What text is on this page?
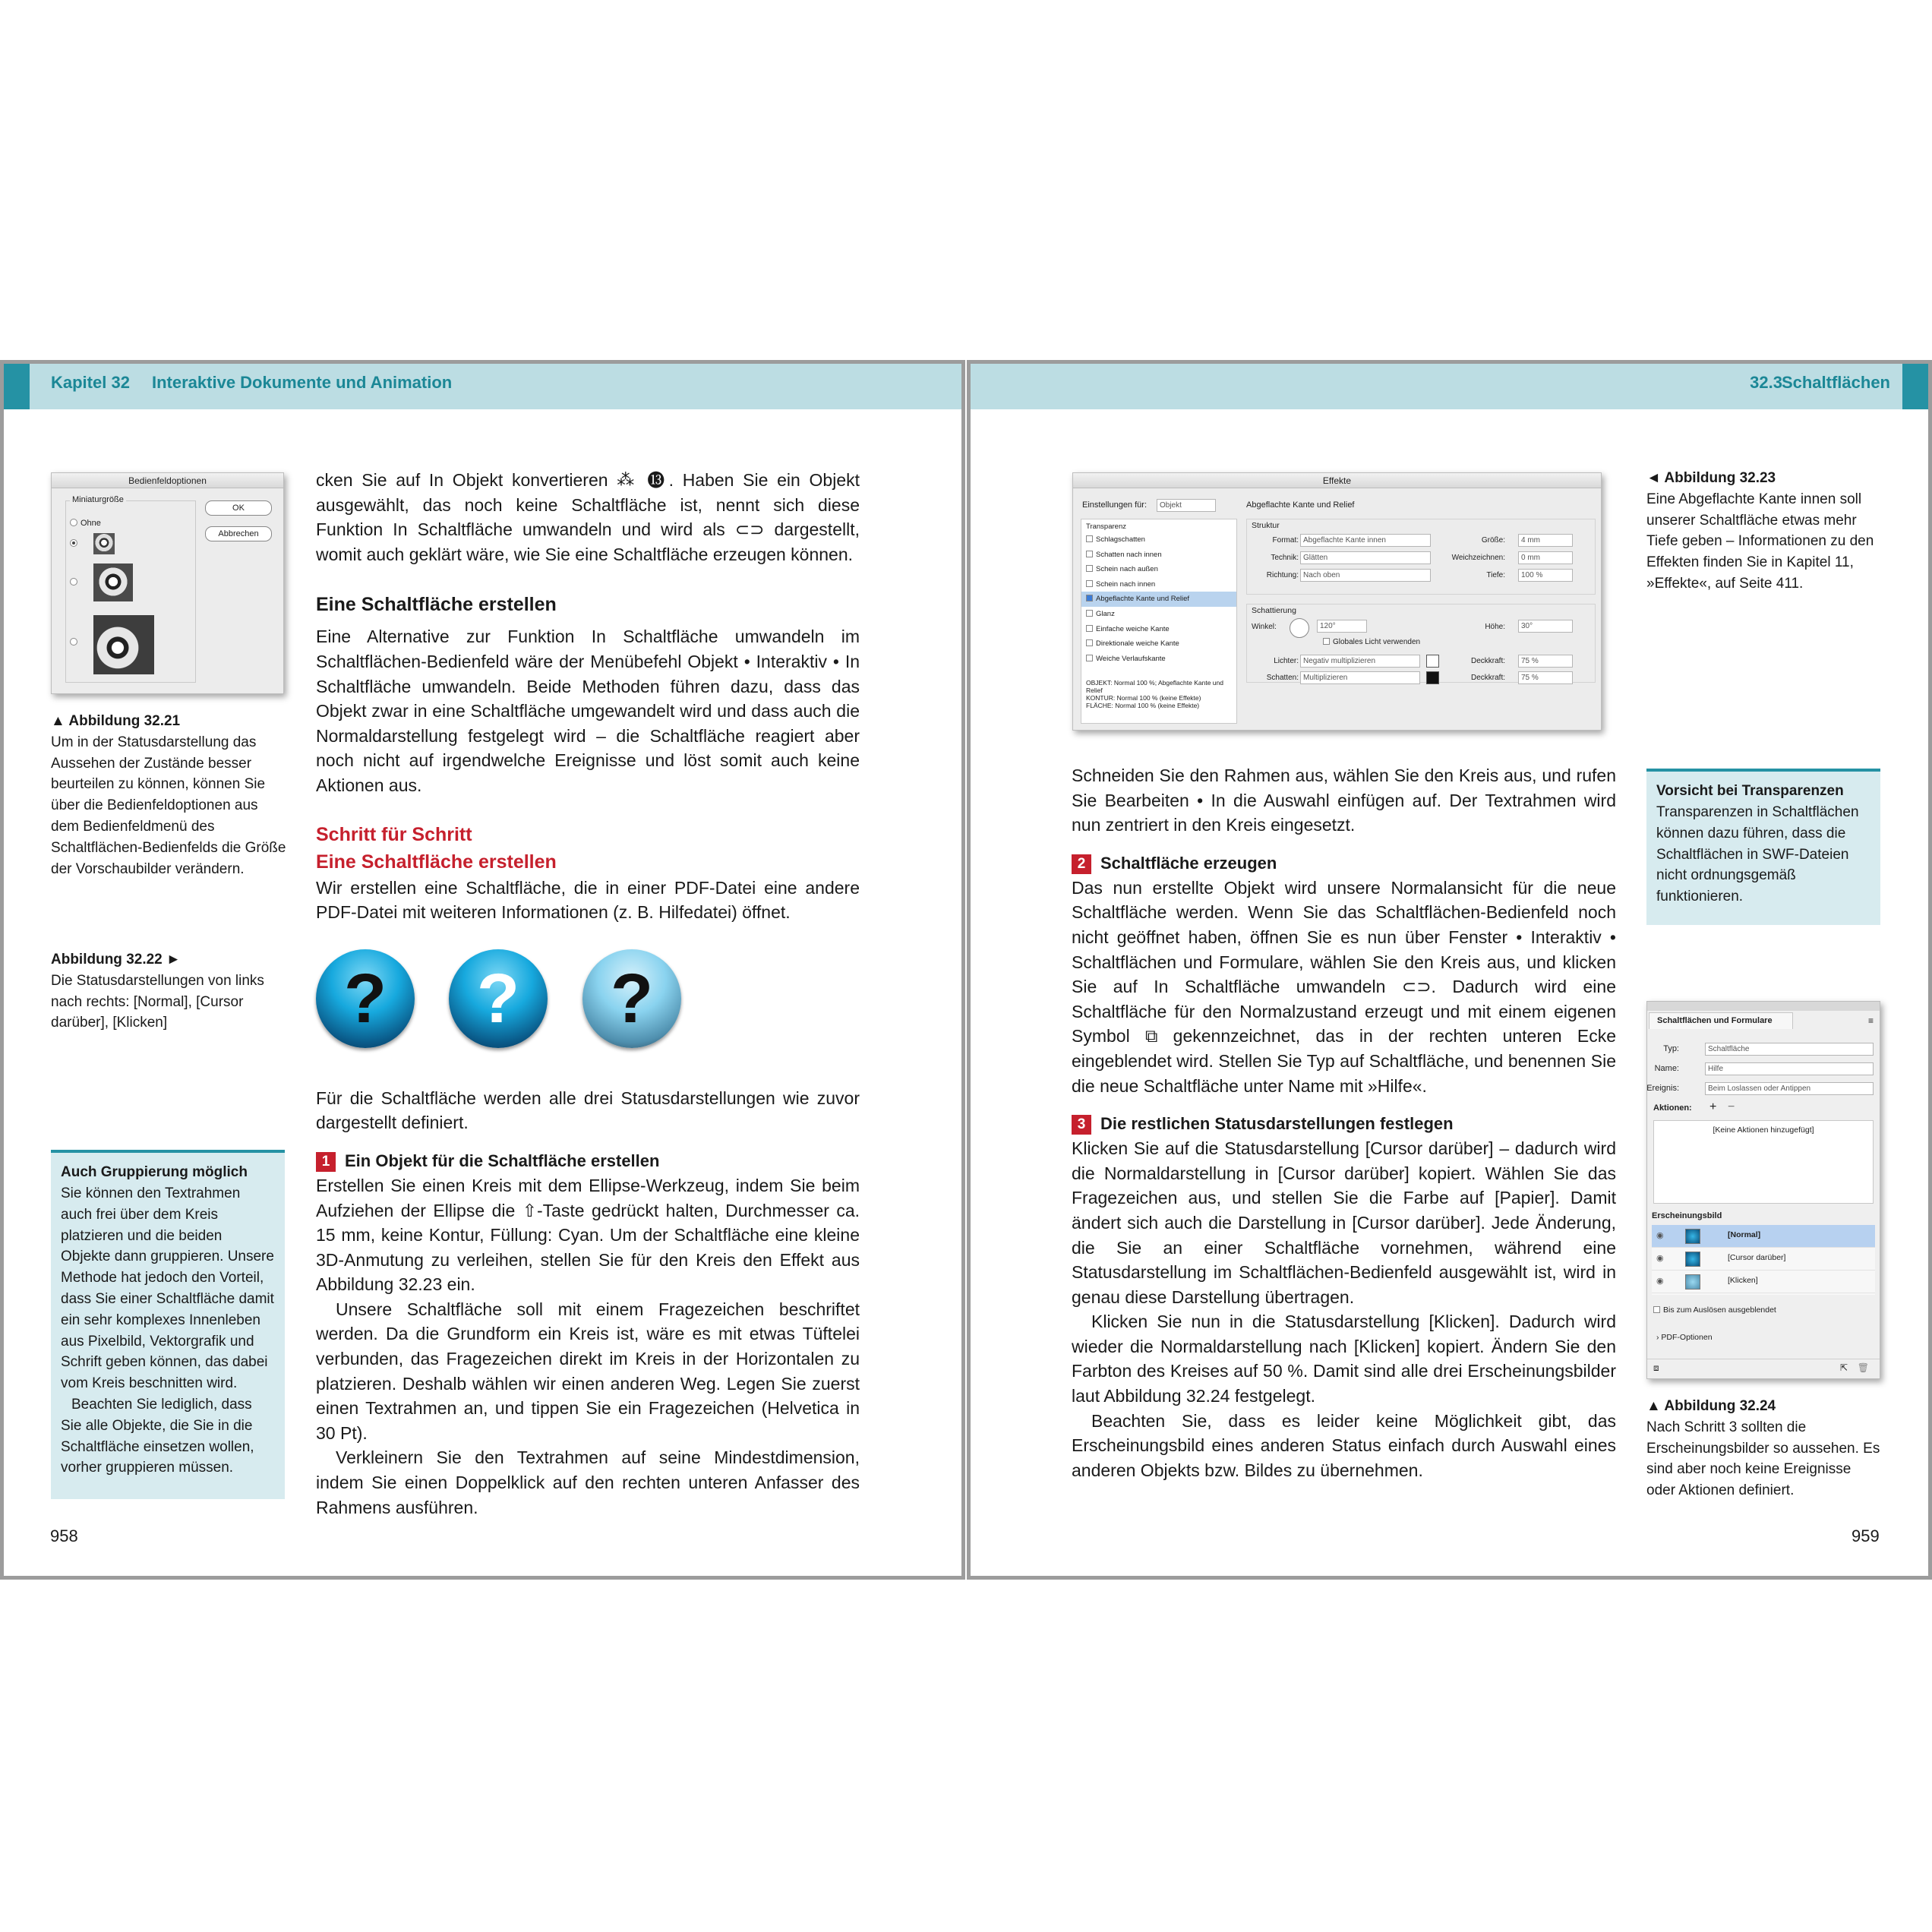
Kapitel 32 Interaktive Dokumente und Animation	32.3
Schaltflächen
Bedienfeldoptionen
Miniaturgröße
Ohne
OK
Abbrechen
▲ Abbildung 32.21
Um in der Statusdarstellung das Aussehen der Zustände besser beurteilen zu können, können Sie über die Bedienfeldoptionen aus dem Bedienfeldmenü des Schaltflächen-Bedienfelds die Größe der Vorschaubilder verändern.
Abbildung 32.22 ►
Die Statusdarstellungen von links nach rechts: [Normal], [Cursor darüber], [Klicken]
Auch Gruppierung möglich
Sie können den Textrahmen auch frei über dem Kreis platzieren und die beiden Objekte dann gruppieren. Unsere Methode hat jedoch den Vorteil, dass Sie einer Schaltfläche damit ein sehr komplexes Innenleben aus Pixelbild, Vektorgrafik und Schrift geben können, das dabei vom Kreis beschnitten wird.
Beachten Sie lediglich, dass Sie alle Objekte, die Sie in die Schaltfläche einsetzen wollen, vorher gruppieren müssen.

cken Sie auf In Objekt konvertieren ⁂ ⓭. Haben Sie ein Objekt ausgewählt, das noch keine Schaltfläche ist, nennt sich diese Funktion In Schaltfläche umwandeln und wird als ⊂⊃ dargestellt, womit auch geklärt wäre, wie Sie eine Schaltfläche erzeugen können.

Eine Schaltfläche erstellen

Eine Alternative zur Funktion In Schaltfläche umwandeln im Schaltflächen-Bedienfeld wäre der Menübefehl Objekt • Interaktiv • In Schaltfläche umwandeln. Beide Methoden führen dazu, dass das Objekt zwar in eine Schaltfläche umgewandelt wird und dass auch die Normaldarstellung festgelegt wird – die Schaltfläche reagiert aber noch nicht auf irgendwelche Ereignisse und löst somit auch keine Aktionen aus.

Schritt für Schritt
Eine Schaltfläche erstellen

Wir erstellen eine Schaltfläche, die in einer PDF-Datei eine andere PDF-Datei mit weiteren Informationen (z. B. Hilfedatei) öffnet.

?	?	?

Für die Schaltfläche werden alle drei Statusdarstellungen wie zuvor dargestellt definiert.

1 Ein Objekt für die Schaltfläche erstellen

Erstellen Sie einen Kreis mit dem Ellipse-Werkzeug, indem Sie beim Aufziehen der Ellipse die ⇧-Taste gedrückt halten, Durchmesser ca. 15 mm, keine Kontur, Füllung: Cyan. Um der Schaltfläche eine kleine 3D-Anmutung zu verleihen, stellen Sie für den Kreis den Effekt aus Abbildung 32.23 ein.

Unsere Schaltfläche soll mit einem Fragezeichen beschriftet werden. Da die Grundform ein Kreis ist, wäre es mit etwas Tüftelei verbunden, das Fragezeichen direkt im Kreis in der Horizontalen zu platzieren. Deshalb wählen wir einen anderen Weg. Legen Sie zuerst einen Textrahmen an, und tippen Sie ein Fragezeichen (Helvetica in 30 Pt).

Verkleinern Sie den Textrahmen auf seine Mindestdimension, indem Sie einen Doppelklick auf den rechten unteren Anfasser des Rahmens ausführen.

Effekte
Einstellungen für:	Objekt	Abgeflachte Kante und Relief
Transparenz
Schlagschatten
Schatten nach innen
Schein nach außen
Schein nach innen
Abgeflachte Kante und Relief
Glanz
Einfache weiche Kante
Direktionale weiche Kante
Weiche Verlaufskante
OBJEKT: Normal 100 %; Abgeflachte Kante und Relief
KONTUR: Normal 100 % (keine Effekte)
FLÄCHE: Normal 100 % (keine Effekte)
Struktur
Format: Abgeflachte Kante innen
Technik: Glätten
Richtung: Nach oben
Größe:	4 mm
Weichzeichnen:	0 mm
Tiefe:	100 %
Schattierung
Winkel:	120°
Globales Licht verwenden
Höhe:	30°
Lichter: Negativ multiplizieren
Schatten: Multiplizieren
Deckkraft:	75 %
Deckkraft:	75 %
◄ Abbildung 32.23
Eine Abgeflachte Kante innen soll unserer Schaltfläche etwas mehr Tiefe geben – Informationen zu den Effekten finden Sie in Kapitel 11, »Effekte«, auf Seite 411.
Vorsicht bei Transparenzen
Transparenzen in Schaltflächen können dazu führen, dass die Schaltflächen in SWF-Dateien nicht ordnungsgemäß funktionieren.
Schaltflächen und Formulare	≡
Typ:	Schaltfläche
Name:	Hilfe
Ereignis:	Beim Loslassen oder Antippen
Aktionen: + −
[Keine Aktionen hinzugefügt]
Erscheinungsbild
◉	[Normal]
◉	[Cursor darüber]
◉	[Klicken]
Bis zum Auslösen ausgeblendet
› PDF-Optionen
⧈	⇱ 🗑
▲ Abbildung 32.24
Nach Schritt 3 sollten die Erscheinungsbilder so aussehen. Es sind aber noch keine Ereignisse oder Aktionen definiert.

Schneiden Sie den Rahmen aus, wählen Sie den Kreis aus, und rufen Sie Bearbeiten • In die Auswahl einfügen auf. Der Textrahmen wird nun zentriert in den Kreis eingesetzt.

2 Schaltfläche erzeugen

Das nun erstellte Objekt wird unsere Normalansicht für die neue Schaltfläche werden. Wenn Sie das Schaltflächen-Bedienfeld noch nicht geöffnet haben, öffnen Sie es nun über Fenster • Interaktiv • Schaltflächen und Formulare, wählen Sie den Kreis aus, und klicken Sie auf In Schaltfläche umwandeln ⊂⊃. Dadurch wird eine Schaltfläche für den Normalzustand erzeugt und mit einem eigenen Symbol ⧉ gekennzeichnet, das in der rechten unteren Ecke eingeblendet wird. Stellen Sie Typ auf Schaltfläche, und benennen Sie die neue Schaltfläche unter Name mit »Hilfe«.

3 Die restlichen Statusdarstellungen festlegen

Klicken Sie auf die Statusdarstellung [Cursor darüber] – dadurch wird die Normaldarstellung in [Cursor darüber] kopiert. Wählen Sie das Fragezeichen aus, und stellen Sie die Farbe auf [Papier]. Damit ändert sich auch die Darstellung in [Cursor darüber]. Jede Änderung, die Sie an einer Schaltfläche vornehmen, während eine Statusdarstellung im Schaltflächen-Bedienfeld ausgewählt ist, wird in genau diese Darstellung übertragen.

Klicken Sie nun in die Statusdarstellung [Klicken]. Dadurch wird wieder die Normaldarstellung nach [Klicken] kopiert. Ändern Sie den Farbton des Kreises auf 50 %. Damit sind alle drei Erscheinungsbilder laut Abbildung 32.24 festgelegt.

Beachten Sie, dass es leider keine Möglichkeit gibt, das Erscheinungsbild eines anderen Status einfach durch Auswahl eines anderen Objekts bzw. Bildes zu übernehmen.

958	959
